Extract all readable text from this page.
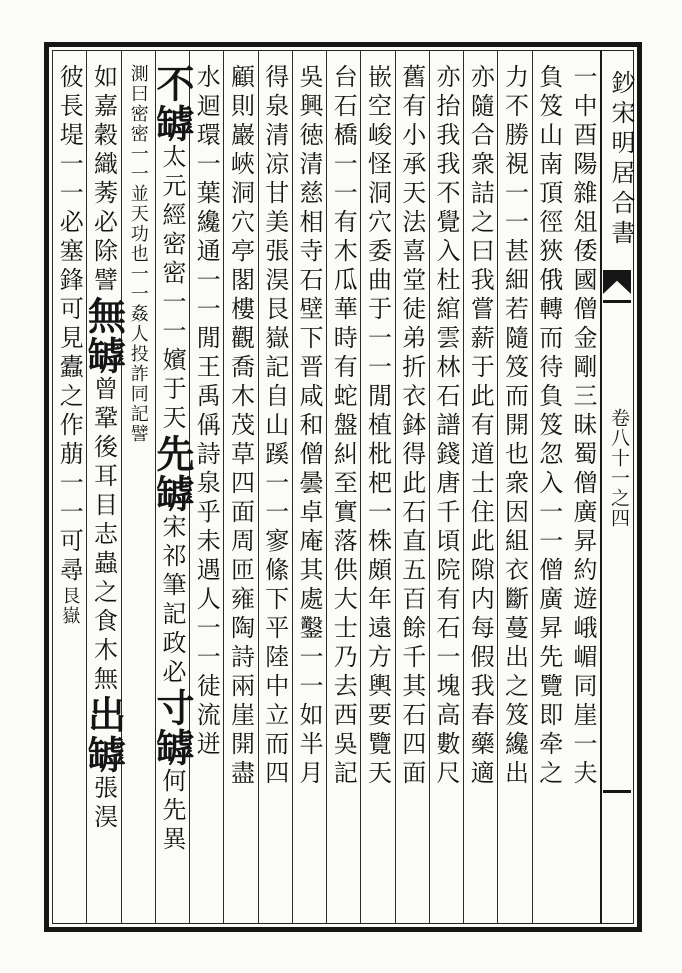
鈔宋明居合書
卷八十一之四
一中酉陽雜俎倭國僧金剛三昧蜀僧廣昇約遊峨嵋同崖一夫
負笈山南頂徑狹俄轉而待負笈忽入一一僧廣昇先覽即牵之
力不勝視一一甚細若隨笈而開也衆因組衣斷蔓出之笈纔出
亦隨合衆詰之曰我嘗薪于此有道士住此隙内每假我春藥適
亦抬我我不覺入杜綰雲林石譜錢唐千頃院有石一塊高數尺
舊有小承天法喜堂徒弟折衣鉢得此石直五百餘千其石四面
嵌空峻怪洞穴委曲于一一閒植枇杷一株頗年遠方輿要覽天
台石橋一一有木瓜華時有蛇盤糾至實落供大士乃去西吳記
吳興徳清慈相寺石壁下晋咸和僧曇卓庵其處鑿一一如半月
得泉清凉甘美張淏艮嶽記自山蹊一一寥絛下平陸中立而四
顧則巖峽洞穴亭閣樓觀喬木茂草四面周匝雍陶詩兩崖開盡
水迴環一葉纔通一一閒王禹偁詩泉乎未遇人一一徒流迸
不罅太元經密密一一嬪于天先罅宋祁筆記政必寸罅何先異
測曰密密一一並天功也一一姦人投詐同記譬
如嘉穀織莠必除譬無罅曾鞏後耳目志蟲之食木無出罅張淏
彼長堤一一必塞鋒可見蠹之作萠一一可尋艮嶽
